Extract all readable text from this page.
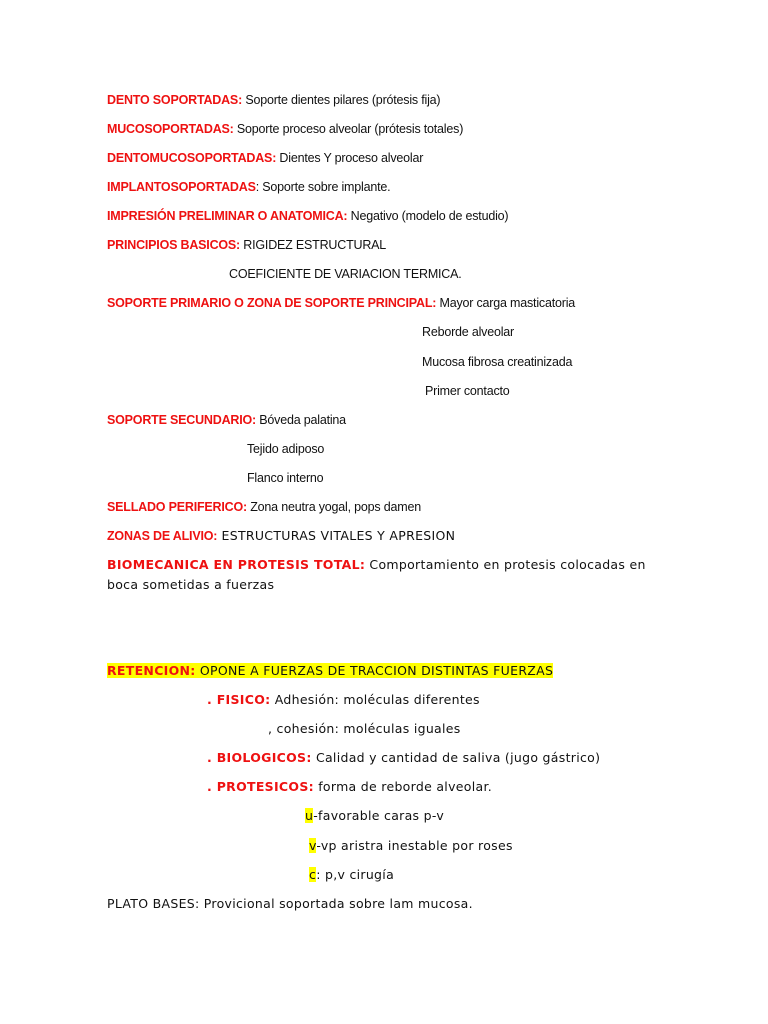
DENTO SOPORTADAS: Soporte dientes pilares (prótesis fija)
MUCOSOPORTADAS: Soporte proceso alveolar (prótesis totales)
DENTOMUCOSOPORTADAS: Dientes Y proceso alveolar
IMPLANTOSOPORTADAS: Soporte sobre implante.
IMPRESIÓN PRELIMINAR O ANATOMICA: Negativo (modelo de estudio)
PRINCIPIOS BASICOS: RIGIDEZ ESTRUCTURAL
COEFICIENTE DE VARIACION TERMICA.
SOPORTE PRIMARIO O ZONA DE SOPORTE PRINCIPAL: Mayor carga masticatoria
Reborde alveolar
Mucosa fibrosa creatinizada
Primer contacto
SOPORTE SECUNDARIO: Bóveda palatina
Tejido adiposo
Flanco interno
SELLADO PERIFERICO: Zona neutra yogal, pops damen
ZONAS DE ALIVIO: ESTRUCTURAS VITALES Y APRESION
BIOMECANICA EN PROTESIS TOTAL: Comportamiento en protesis colocadas en boca sometidas a fuerzas
RETENCION: OPONE A FUERZAS DE TRACCION DISTINTAS FUERZAS
. FISICO: Adhesión: moléculas diferentes
, cohesión: moléculas iguales
. BIOLOGICOS: Calidad y cantidad de saliva (jugo gástrico)
. PROTESICOS: forma de reborde alveolar.
u-favorable caras p-v
v-vp aristra inestable por roses
c: p,v cirugía
PLATO BASES: Provicional soportada sobre lam mucosa.
